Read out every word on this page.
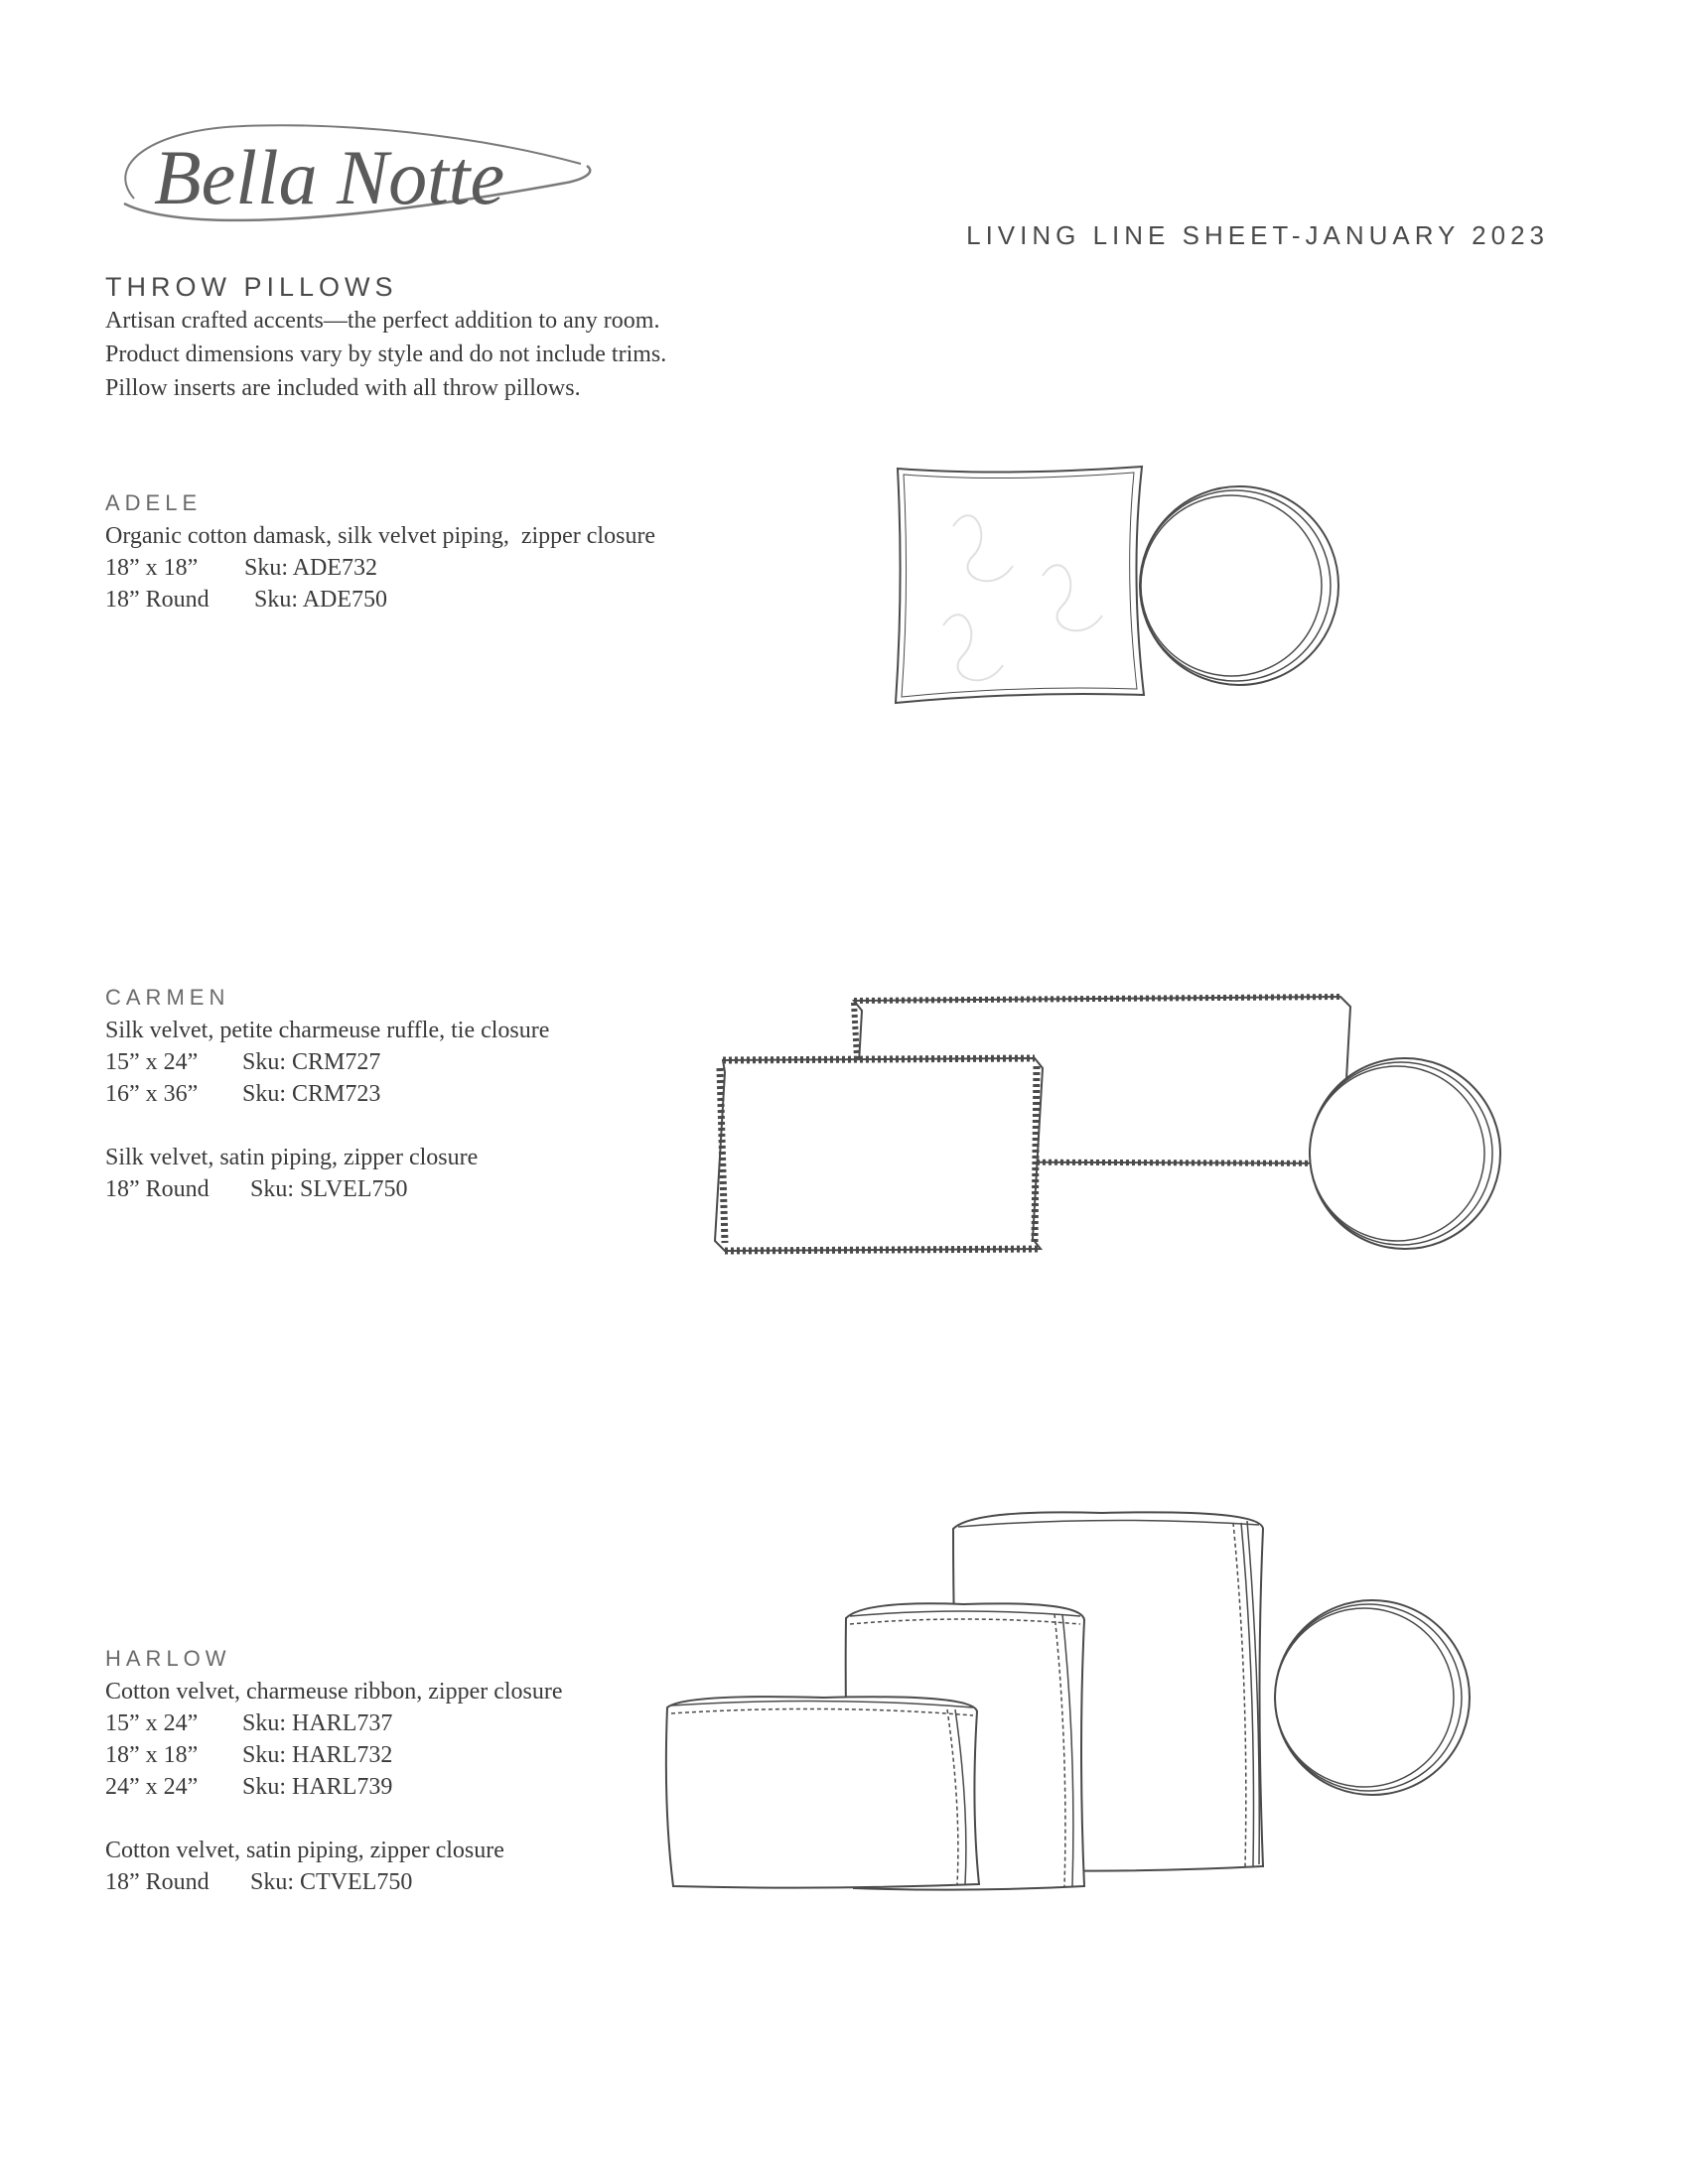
Bella Notte
LIVING LINE SHEET-JANUARY 2023
THROW PILLOWS
Artisan crafted accents—the perfect addition to any room.
Product dimensions vary by style and do not include trims.
Pillow inserts are included with all throw pillows.
ADELE
Organic cotton damask, silk velvet piping,  zipper closure
18” x 18”	Sku: ADE732
18” Round	Sku: ADE750
CARMEN
Silk velvet, petite charmeuse ruffle, tie closure
15” x 24”	Sku: CRM727
16” x 36”	Sku: CRM723
Silk velvet, satin piping, zipper closure
18” Round	Sku: SLVEL750
HARLOW
Cotton velvet, charmeuse ribbon, zipper closure
15” x 24”	Sku: HARL737
18” x 18”	Sku: HARL732
24” x 24”	Sku: HARL739
Cotton velvet, satin piping, zipper closure
18” Round	Sku: CTVEL750
